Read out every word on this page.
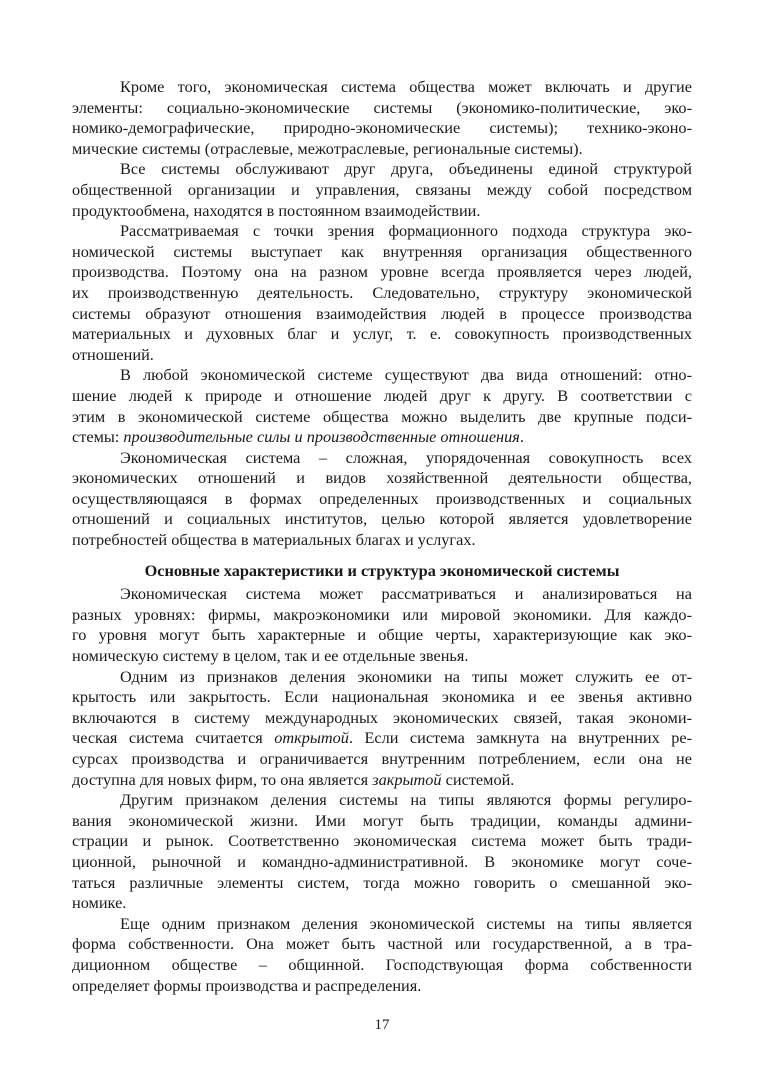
Кроме того, экономическая система общества может включать и другие
элементы: социально-экономические системы (экономико-политические, эко-
номико-демографические, природно-экономические системы); технико-эконо-
мические системы (отраслевые, межотраслевые, региональные системы).
Все системы обслуживают друг друга, объединены единой структурой
общественной организации и управления, связаны между собой посредством
продуктообмена, находятся в постоянном взаимодействии.
Рассматриваемая с точки зрения формационного подхода структура эко-
номической системы выступает как внутренняя организация общественного
производства. Поэтому она на разном уровне всегда проявляется через людей,
их производственную деятельность. Следовательно, структуру экономической
системы образуют отношения взаимодействия людей в процессе производства
материальных и духовных благ и услуг, т. е. совокупность производственных
отношений.
В любой экономической системе существуют два вида отношений: отно-
шение людей к природе и отношение людей друг к другу. В соответствии с
этим в экономической системе общества можно выделить две крупные подси-
стемы: производительные силы и производственные отношения.
Экономическая система – сложная, упорядоченная совокупность всех
экономических отношений и видов хозяйственной деятельности общества,
осуществляющаяся в формах определенных производственных и социальных
отношений и социальных институтов, целью которой является удовлетворение
потребностей общества в материальных благах и услугах.
Основные характеристики и структура экономической системы
Экономическая система может рассматриваться и анализироваться на
разных уровнях: фирмы, макроэкономики или мировой экономики. Для каждо-
го уровня могут быть характерные и общие черты, характеризующие как эко-
номическую систему в целом, так и ее отдельные звенья.
Одним из признаков деления экономики на типы может служить ее от-
крытость или закрытость. Если национальная экономика и ее звенья активно
включаются в систему международных экономических связей, такая экономи-
ческая система считается открытой. Если система замкнута на внутренних ре-
сурсах производства и ограничивается внутренним потреблением, если она не
доступна для новых фирм, то она является закрытой системой.
Другим признаком деления системы на типы являются формы регулиро-
вания экономической жизни. Ими могут быть традиции, команды админи-
страции и рынок. Соответственно экономическая система может быть тради-
ционной, рыночной и командно-административной. В экономике могут соче-
таться различные элементы систем, тогда можно говорить о смешанной эко-
номике.
Еще одним признаком деления экономической системы на типы является
форма собственности. Она может быть частной или государственной, а в тра-
диционном обществе – общинной. Господствующая форма собственности
определяет формы производства и распределения.
17
